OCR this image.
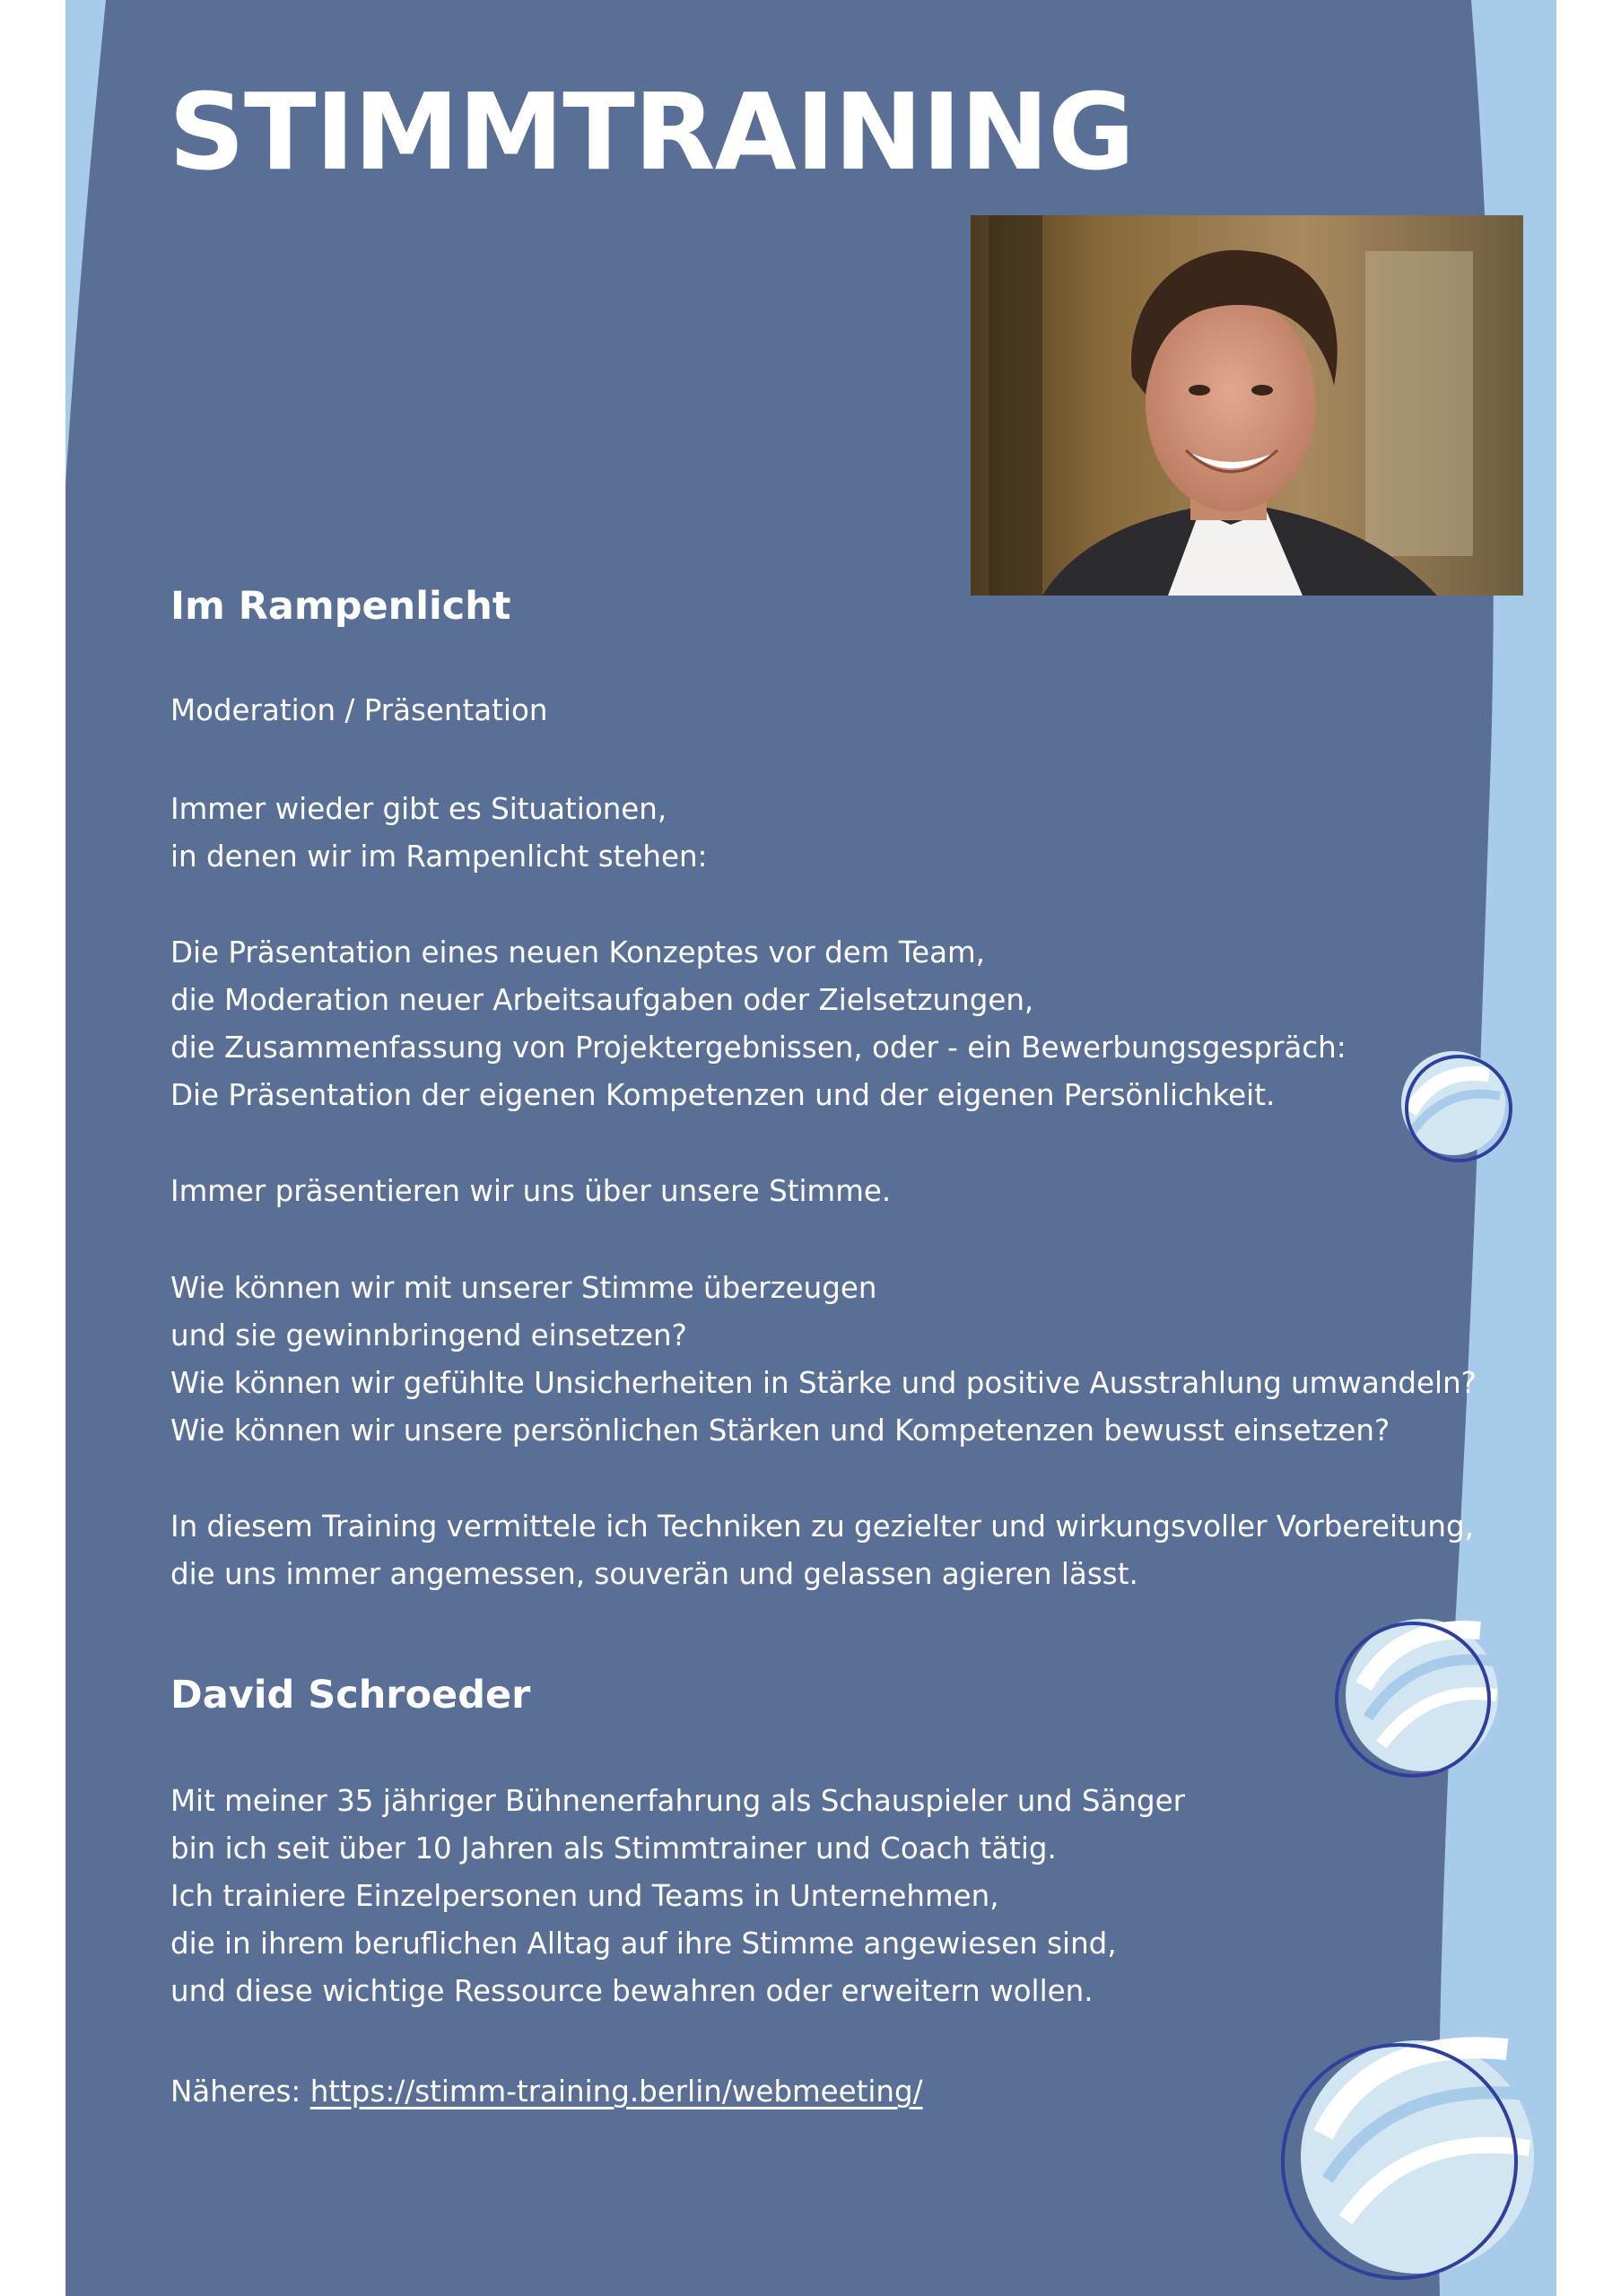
STIMMTRAINING
Im Rampenlicht

Moderation / Präsentation

Immer wieder gibt es Situationen,
in denen wir im Rampenlicht stehen:

Die Präsentation eines neuen Konzeptes vor dem Team,
die Moderation neuer Arbeitsaufgaben oder Zielsetzungen,
die Zusammenfassung von Projektergebnissen, oder - ein Bewerbungsgespräch:
Die Präsentation der eigenen Kompetenzen und der eigenen Persönlichkeit.

Immer präsentieren wir uns über unsere Stimme.

Wie können wir mit unserer Stimme überzeugen
und sie gewinnbringend einsetzen?
Wie können wir gefühlte Unsicherheiten in Stärke und positive Ausstrahlung umwandeln?
Wie können wir unsere persönlichen Stärken und Kompetenzen bewusst einsetzen?

In diesem Training vermittele ich Techniken zu gezielter und wirkungsvoller Vorbereitung,
die uns immer angemessen, souverän und gelassen agieren lässt.

David Schroeder

Mit meiner 35 jähriger Bühnenerfahrung als Schauspieler und Sänger
bin ich seit über 10 Jahren als Stimmtrainer und Coach tätig.
Ich trainiere Einzelpersonen und Teams in Unternehmen,
die in ihrem beruflichen Alltag auf ihre Stimme angewiesen sind,
und diese wichtige Ressource bewahren oder erweitern wollen.

Näheres: https://stimm-training.berlin/webmeeting/
